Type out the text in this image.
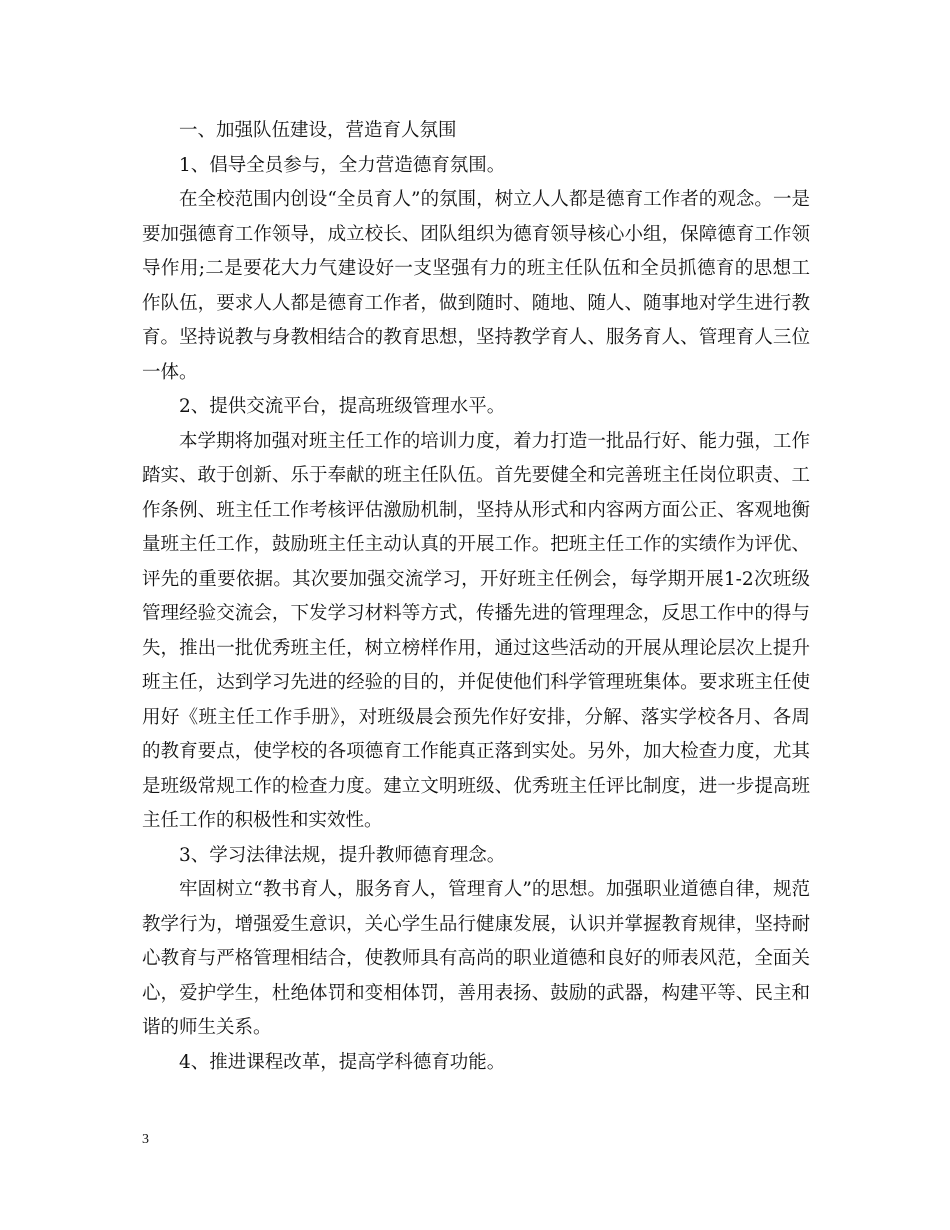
一、加强队伍建设，营造育人氛围

1、倡导全员参与，全力营造德育氛围。

在全校范围内创设“全员育人”的氛围，树立人人都是德育工作者的观念。一是要加强德育工作领导，成立校长、团队组织为德育领导核心小组，保障德育工作领导作用;二是要花大力气建设好一支坚强有力的班主任队伍和全员抓德育的思想工作队伍，要求人人都是德育工作者，做到随时、随地、随人、随事地对学生进行教育。坚持说教与身教相结合的教育思想，坚持教学育人、服务育人、管理育人三位一体。

2、提供交流平台，提高班级管理水平。

本学期将加强对班主任工作的培训力度，着力打造一批品行好、能力强，工作踏实、敢于创新、乐于奉献的班主任队伍。首先要健全和完善班主任岗位职责、工作条例、班主任工作考核评估激励机制，坚持从形式和内容两方面公正、客观地衡量班主任工作，鼓励班主任主动认真的开展工作。把班主任工作的实绩作为评优、评先的重要依据。其次要加强交流学习，开好班主任例会，每学期开展1-2次班级管理经验交流会，下发学习材料等方式，传播先进的管理理念，反思工作中的得与失，推出一批优秀班主任，树立榜样作用，通过这些活动的开展从理论层次上提升班主任，达到学习先进的经验的目的，并促使他们科学管理班集体。要求班主任使用好《班主任工作手册》，对班级晨会预先作好安排，分解、落实学校各月、各周的教育要点，使学校的各项德育工作能真正落到实处。另外，加大检查力度，尤其是班级常规工作的检查力度。建立文明班级、优秀班主任评比制度，进一步提高班主任工作的积极性和实效性。

3、学习法律法规，提升教师德育理念。

牢固树立“教书育人，服务育人，管理育人”的思想。加强职业道德自律，规范教学行为，增强爱生意识，关心学生品行健康发展，认识并掌握教育规律，坚持耐心教育与严格管理相结合，使教师具有高尚的职业道德和良好的师表风范，全面关心，爱护学生，杜绝体罚和变相体罚，善用表扬、鼓励的武器，构建平等、民主和谐的师生关系。

4、推进课程改革，提高学科德育功能。

3
